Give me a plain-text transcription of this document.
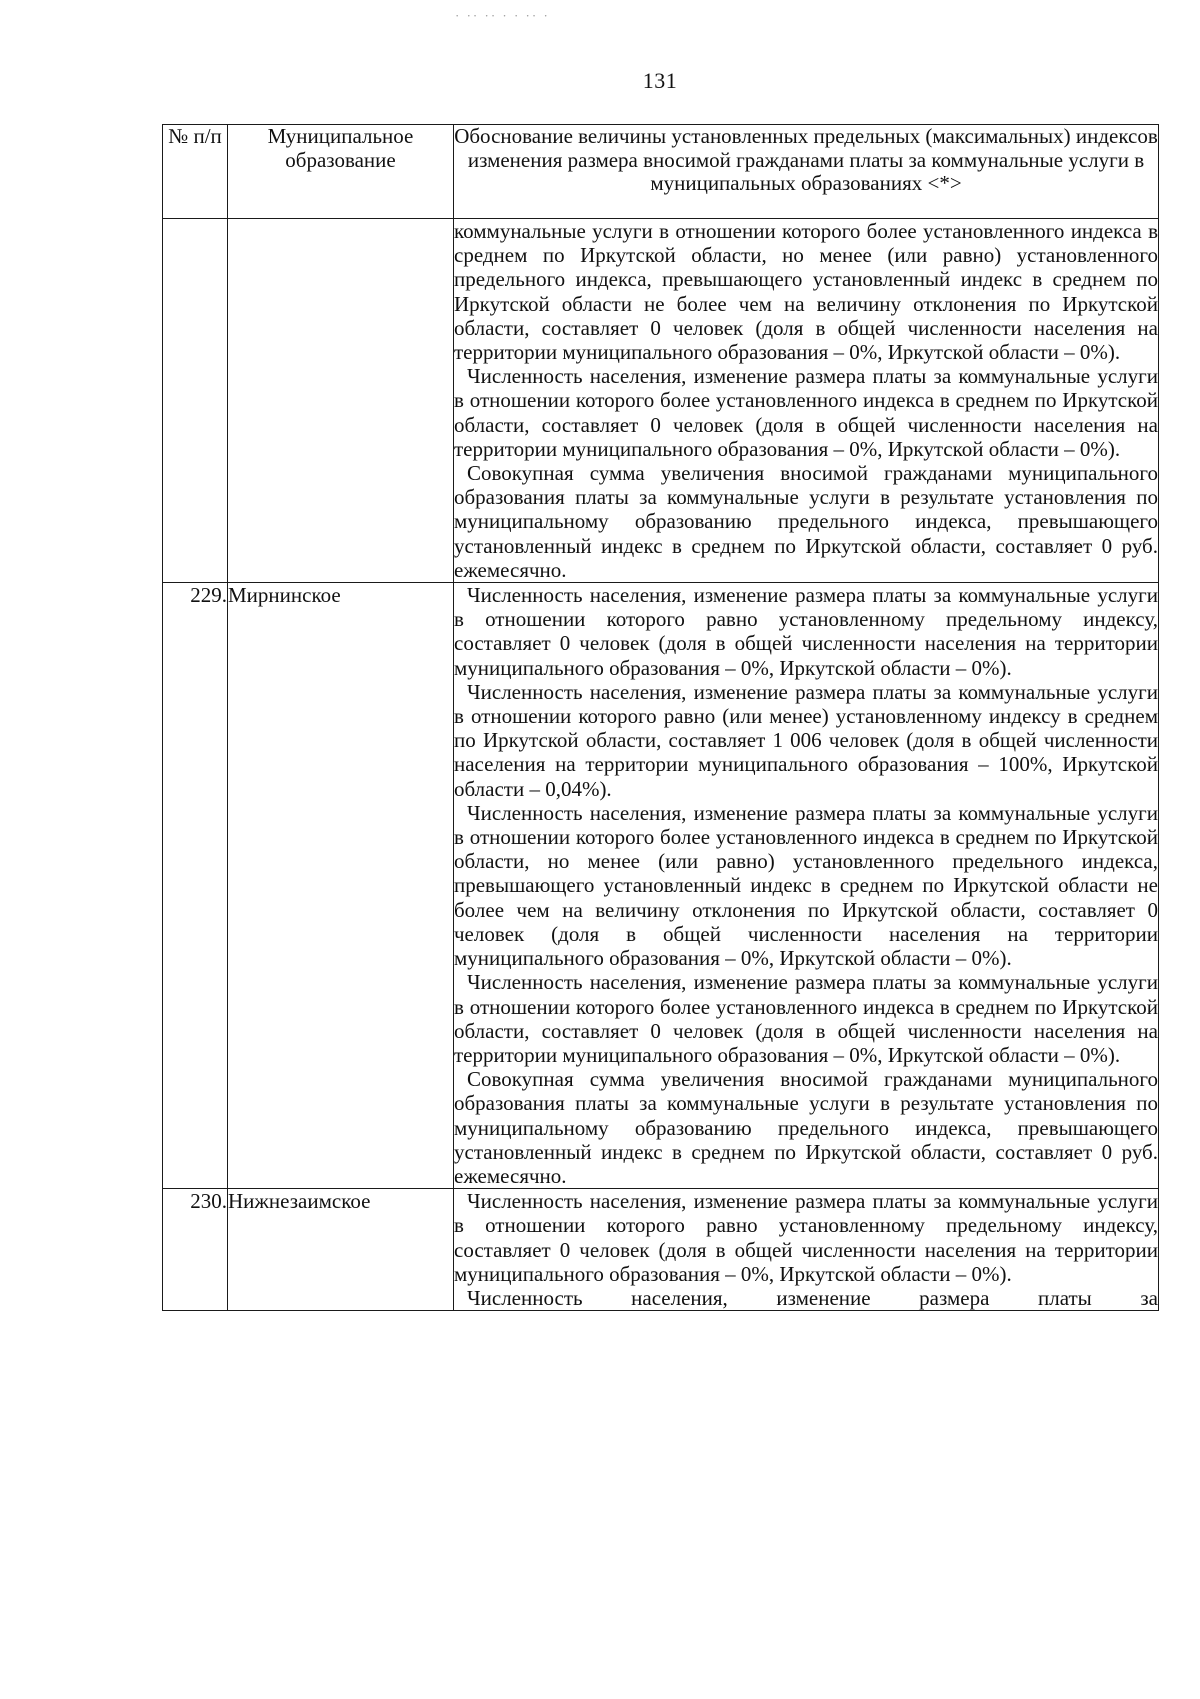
· ·· ·· · · ·· ·
131
№ п/п	Муниципальное образование	Обоснование величины установленных предельных (максимальных) индексов изменения размера вносимой гражданами платы за коммунальные услуги в муниципальных образованиях <*>

		коммунальные услуги в отношении которого более установленного индекса в среднем по Иркутской области, но менее (или равно) установленного предельного индекса, превышающего установленный индекс в среднем по Иркутской области не более чем на величину отклонения по Иркутской области, составляет 0 человек (доля в общей численности населения на территории муниципального образования – 0%, Иркутской области – 0%).

Численность населения, изменение размера платы за коммунальные услуги в отношении которого более установленного индекса в среднем по Иркутской области, составляет 0 человек (доля в общей численности населения на территории муниципального образования – 0%, Иркутской области – 0%).

Совокупная сумма увеличения вносимой гражданами муниципального образования платы за коммунальные услуги в результате установления по муниципальному образованию предельного индекса, превышающего установленный индекс в среднем по Иркутской области, составляет 0 руб. ежемесячно.

229.	Мирнинское	Численность населения, изменение размера платы за коммунальные услуги в отношении которого равно установленному предельному индексу, составляет 0 человек (доля в общей численности населения на территории муниципального образования – 0%, Иркутской области – 0%).

Численность населения, изменение размера платы за коммунальные услуги в отношении которого равно (или менее) установленному индексу в среднем по Иркутской области, составляет 1 006 человек (доля в общей численности населения на территории муниципального образования – 100%, Иркутской области – 0,04%).

Численность населения, изменение размера платы за коммунальные услуги в отношении которого более установленного индекса в среднем по Иркутской области, но менее (или равно) установленного предельного индекса, превышающего установленный индекс в среднем по Иркутской области не более чем на величину отклонения по Иркутской области, составляет 0 человек (доля в общей численности населения на территории муниципального образования – 0%, Иркутской области – 0%).

Численность населения, изменение размера платы за коммунальные услуги в отношении которого более установленного индекса в среднем по Иркутской области, составляет 0 человек (доля в общей численности населения на территории муниципального образования – 0%, Иркутской области – 0%).

Совокупная сумма увеличения вносимой гражданами муниципального образования платы за коммунальные услуги в результате установления по муниципальному образованию предельного индекса, превышающего установленный индекс в среднем по Иркутской области, составляет 0 руб. ежемесячно.

230.	Нижнезаимское	Численность населения, изменение размера платы за коммунальные услуги в отношении которого равно установленному предельному индексу, составляет 0 человек (доля в общей численности населения на территории муниципального образования – 0%, Иркутской области – 0%).

Численность населения, изменение размера платы за
